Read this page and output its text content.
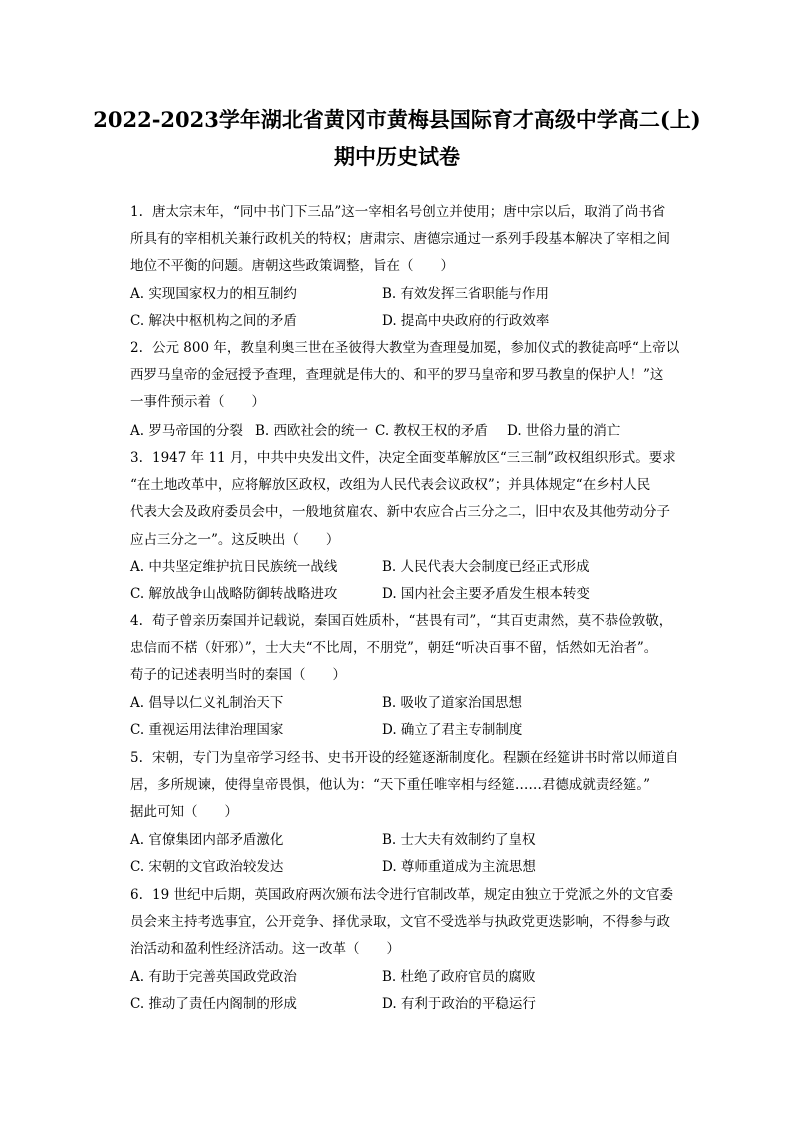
2022-2023学年湖北省黄冈市黄梅县国际育才高级中学高二(上)
期中历史试卷
1. 唐太宗末年，“同中书门下三品”这一宰相名号创立并使用；唐中宗以后，取消了尚书省
所具有的宰相机关兼行政机关的特权；唐肃宗、唐德宗通过一系列手段基本解决了宰相之间
地位不平衡的问题。唐朝这些政策调整，旨在（　　）
A. 实现国家权力的相互制约	B. 有效发挥三省职能与作用
C. 解决中枢机构之间的矛盾	D. 提高中央政府的行政效率
2. 公元 800 年，教皇利奥三世在圣彼得大教堂为查理曼加冕，参加仪式的教徒高呼“上帝以
西罗马皇帝的金冠授予查理，查理就是伟大的、和平的罗马皇帝和罗马教皇的保护人！”这
一事件预示着（　　）
A. 罗马帝国的分裂 B. 西欧社会的统一 C. 教权王权的矛盾 D. 世俗力量的消亡
3. 1947 年 11 月，中共中央发出文件，决定全面变革解放区“三三制”政权组织形式。要求
“在土地改革中，应将解放区政权，改组为人民代表会议政权”；并具体规定“在乡村人民
代表大会及政府委员会中，一般地贫雇农、新中农应合占三分之二，旧中农及其他劳动分子
应占三分之一”。这反映出（　　）
A. 中共坚定维护抗日民族统一战线	B. 人民代表大会制度已经正式形成
C. 解放战争山战略防御转战略进攻	D. 国内社会主要矛盾发生根本转变
4. 荀子曾亲历秦国并记载说，秦国百姓质朴，“甚畏有司”，“其百吏肃然，莫不恭俭敦敬，
忠信而不楛（奸邪）”，士大夫“不比周，不朋党”，朝廷“听决百事不留，恬然如无治者”。
荀子的记述表明当时的秦国（　　）
A. 倡导以仁义礼制治天下	B. 吸收了道家治国思想
C. 重视运用法律治理国家	D. 确立了君主专制制度
5. 宋朝，专门为皇帝学习经书、史书开设的经筵逐渐制度化。程颢在经筵讲书时常以师道自
居，多所规谏，使得皇帝畏惧，他认为：“天下重任唯宰相与经筵……君德成就责经筵。”
据此可知（　　）
A. 官僚集团内部矛盾激化	B. 士大夫有效制约了皇权
C. 宋朝的文官政治较发达	D. 尊师重道成为主流思想
6. 19 世纪中后期，英国政府两次颁布法令进行官制改革，规定由独立于党派之外的文官委
员会来主持考选事宜，公开竞争、择优录取，文官不受选举与执政党更迭影响，不得参与政
治活动和盈利性经济活动。这一改革（　　）
A. 有助于完善英国政党政治	B. 杜绝了政府官员的腐败
C. 推动了责任内阁制的形成	D. 有利于政治的平稳运行
